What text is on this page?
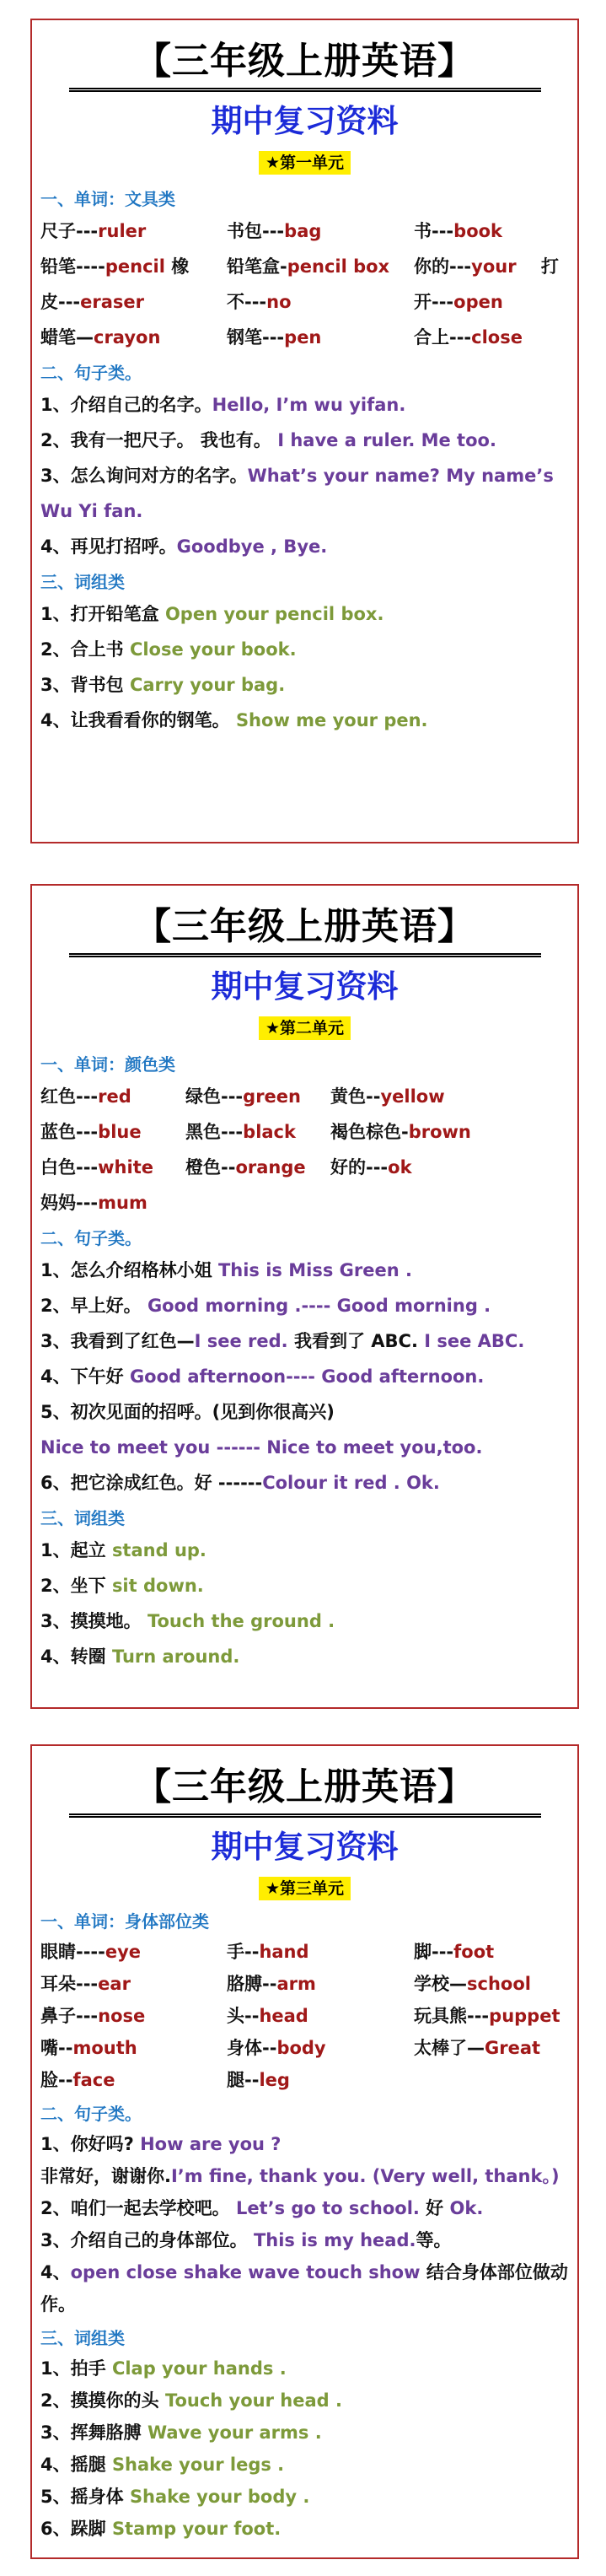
【三年级上册英语】
期中复习资料
★第一单元
一、单词：文具类
尺子---ruler	书包---bag	书---book
铅笔----pencil 橡	铅笔盒-pencil box	你的---your    打
皮---eraser	不---no	开---open
蜡笔—crayon	钢笔---pen	合上---close
二、句子类。
1、介绍自己的名字。Hello, I’m wu yifan.
2、我有一把尺子。 我也有。 I have a ruler. Me too.
3、怎么询问对方的名字。What’s your name? My name’s
Wu Yi fan.
4、再见打招呼。Goodbye , Bye.
三、词组类
1、打开铅笔盒 Open your pencil box.
2、合上书 Close your book.
3、背书包 Carry your bag.
4、让我看看你的钢笔。 Show me your pen.
【三年级上册英语】
期中复习资料
★第二单元
一、单词：颜色类
红色---red	绿色---green	黄色--yellow
蓝色---blue	黑色---black	褐色棕色-brown
白色---white	橙色--orange	好的---ok
妈妈---mum
二、句子类。
1、怎么介绍格林小姐 This is Miss Green .
2、早上好。 Good morning .---- Good morning .
3、我看到了红色—I see red. 我看到了 ABC. I see ABC.
4、下午好 Good afternoon---- Good afternoon.
5、初次见面的招呼。(见到你很高兴)
Nice to meet you ------ Nice to meet you,too.
6、把它涂成红色。好 ------Colour it red . Ok.
三、词组类
1、起立 stand up.
2、坐下 sit down.
3、摸摸地。 Touch the ground .
4、转圈 Turn around.
【三年级上册英语】
期中复习资料
★第三单元
一、单词：身体部位类
眼睛----eye	手--hand	脚---foot
耳朵---ear	胳膊--arm	学校—school
鼻子---nose	头--head	玩具熊---puppet
嘴--mouth	身体--body	太棒了—Great
脸--face	腿--leg
二、句子类。
1、你好吗? How are you ?
非常好，谢谢你.I’m fine, thank you. (Very well, thank。)
2、咱们一起去学校吧。 Let’s go to school. 好 Ok.
3、介绍自己的身体部位。 This is my head.等。
4、open close shake wave touch show 结合身体部位做动
作。
三、词组类
1、拍手 Clap your hands .
2、摸摸你的头 Touch your head .
3、挥舞胳膊 Wave your arms .
4、摇腿 Shake your legs .
5、摇身体 Shake your body .
6、跺脚 Stamp your foot.
